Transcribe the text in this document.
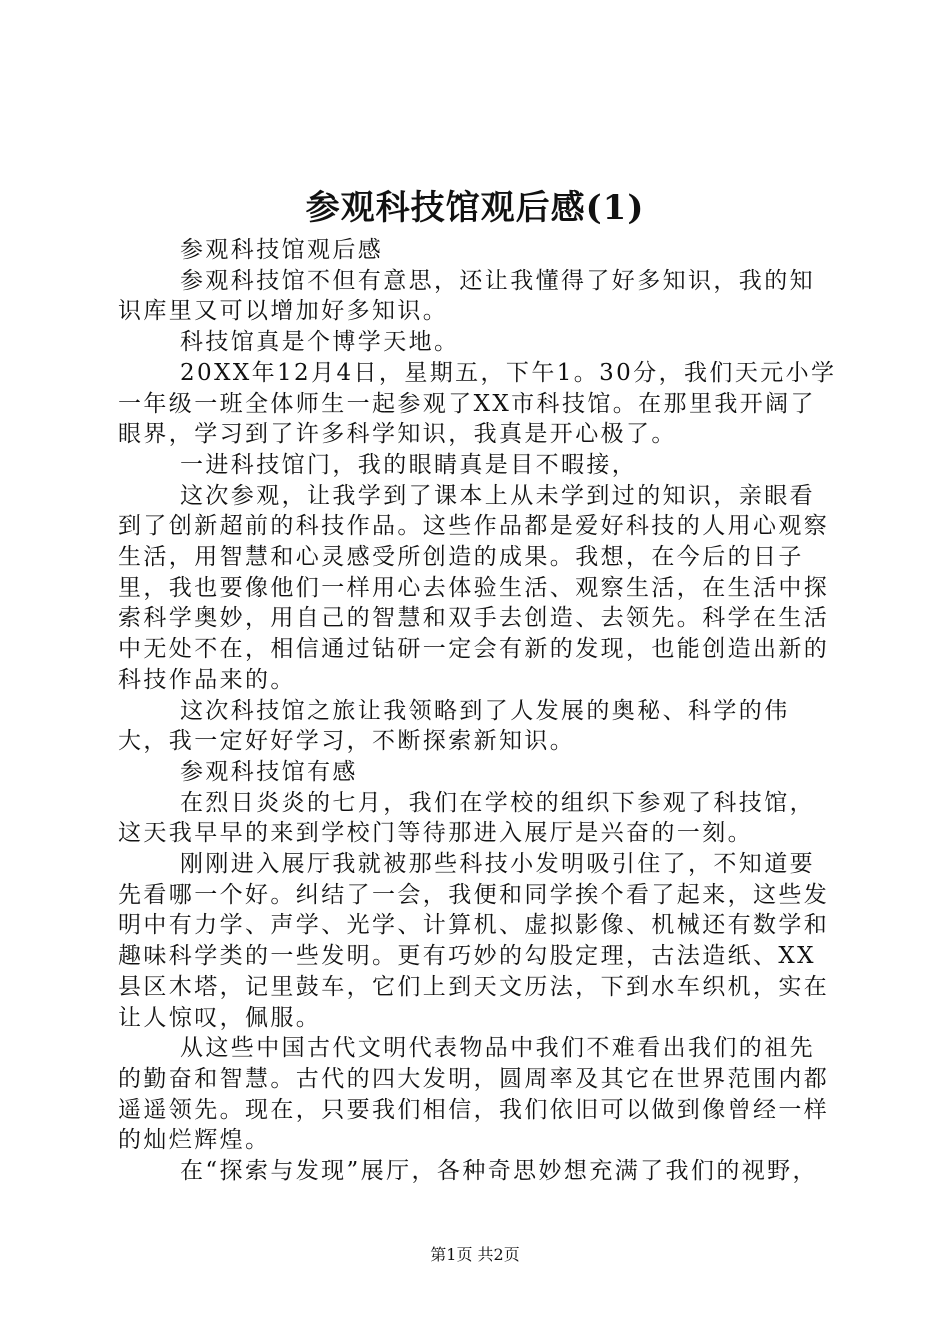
参观科技馆观后感(1)

参观科技馆观后感

参观科技馆不但有意思，还让我懂得了好多知识，我的知识库里又可以增加好多知识。

科技馆真是个博学天地。

20XX年12月4日，星期五，下午1。30分，我们天元小学一年级一班全体师生一起参观了XX市科技馆。在那里我开阔了眼界，学习到了许多科学知识，我真是开心极了。

一进科技馆门，我的眼睛真是目不暇接，

这次参观，让我学到了课本上从未学到过的知识，亲眼看到了创新超前的科技作品。这些作品都是爱好科技的人用心观察生活，用智慧和心灵感受所创造的成果。我想，在今后的日子里，我也要像他们一样用心去体验生活、观察生活，在生活中探索科学奥妙，用自己的智慧和双手去创造、去领先。科学在生活中无处不在，相信通过钻研一定会有新的发现，也能创造出新的科技作品来的。

这次科技馆之旅让我领略到了人发展的奥秘、科学的伟大，我一定好好学习，不断探索新知识。

参观科技馆有感

在烈日炎炎的七月，我们在学校的组织下参观了科技馆，这天我早早的来到学校门等待那进入展厅是兴奋的一刻。

刚刚进入展厅我就被那些科技小发明吸引住了，不知道要先看哪一个好。纠结了一会，我便和同学挨个看了起来，这些发明中有力学、声学、光学、计算机、虚拟影像、机械还有数学和趣味科学类的一些发明。更有巧妙的勾股定理，古法造纸、XX县区木塔，记里鼓车，它们上到天文历法，下到水车织机，实在让人惊叹，佩服。

从这些中国古代文明代表物品中我们不难看出我们的祖先的勤奋和智慧。古代的四大发明，圆周率及其它在世界范围内都遥遥领先。现在，只要我们相信，我们依旧可以做到像曾经一样的灿烂辉煌。

在“探索与发现”展厅，各种奇思妙想充满了我们的视野，

第1页 共2页
